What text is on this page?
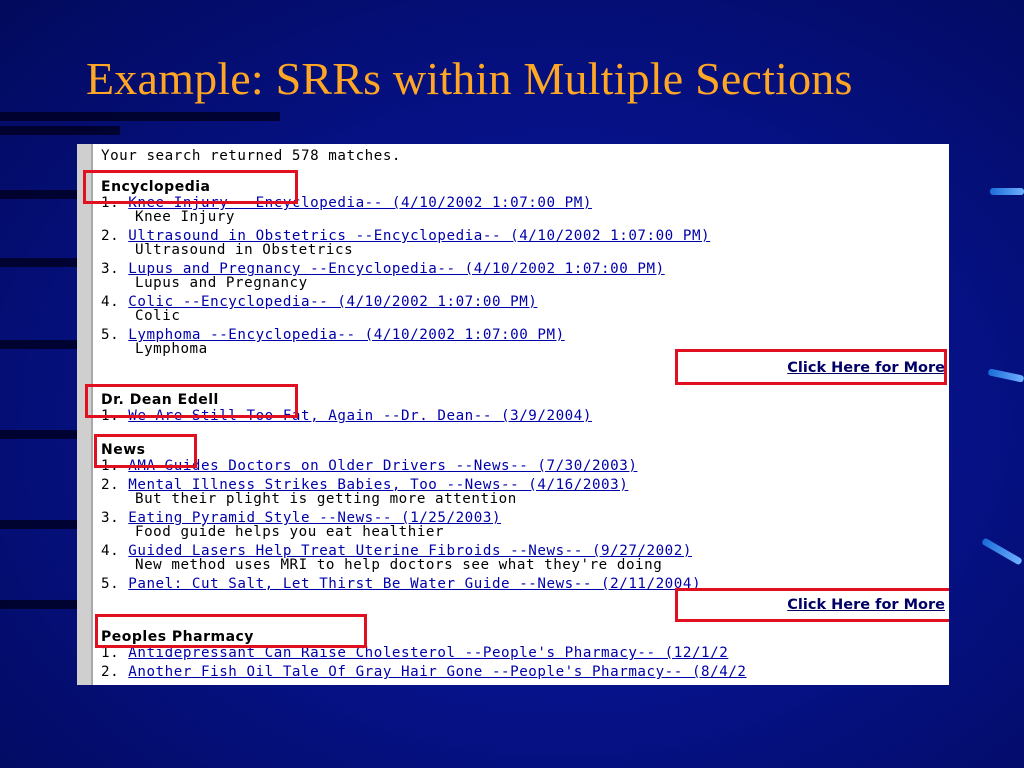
Example: SRRs within Multiple Sections
Your search returned 578 matches.
Encyclopedia
1. Knee Injury --Encyclopedia-- (4/10/2002 1:07:00 PM)
Knee Injury
2. Ultrasound in Obstetrics --Encyclopedia-- (4/10/2002 1:07:00 PM)
Ultrasound in Obstetrics
3. Lupus and Pregnancy --Encyclopedia-- (4/10/2002 1:07:00 PM)
Lupus and Pregnancy
4. Colic --Encyclopedia-- (4/10/2002 1:07:00 PM)
Colic
5. Lymphoma --Encyclopedia-- (4/10/2002 1:07:00 PM)
Lymphoma
Click Here for More
Dr. Dean Edell
1. We Are Still Too Fat, Again --Dr. Dean-- (3/9/2004)
News
1. AMA Guides Doctors on Older Drivers --News-- (7/30/2003)
2. Mental Illness Strikes Babies, Too --News-- (4/16/2003)
But their plight is getting more attention
3. Eating Pyramid Style --News-- (1/25/2003)
Food guide helps you eat healthier
4. Guided Lasers Help Treat Uterine Fibroids --News-- (9/27/2002)
New method uses MRI to help doctors see what they're doing
5. Panel: Cut Salt, Let Thirst Be Water Guide --News-- (2/11/2004)
Click Here for More
Peoples Pharmacy
1. Antidepressant Can Raise Cholesterol --People's Pharmacy-- (12/1/2
2. Another Fish Oil Tale Of Gray Hair Gone --People's Pharmacy-- (8/4/2
